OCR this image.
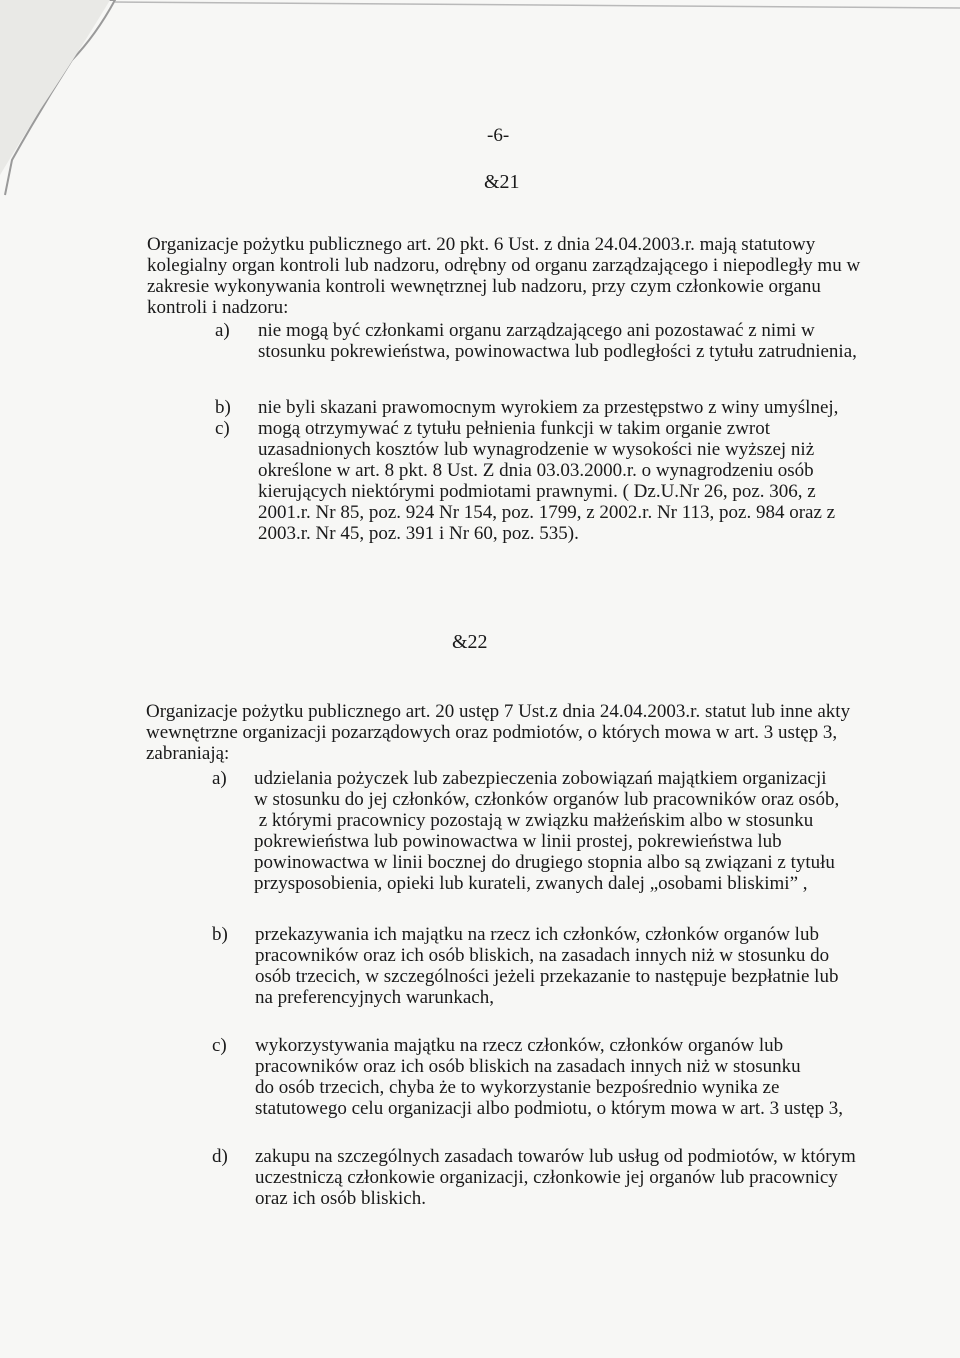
-6-
&21
Organizacje pożytku publicznego art. 20 pkt. 6 Ust. z dnia 24.04.2003.r. mają statutowy
kolegialny organ kontroli lub nadzoru, odrębny od organu zarządzającego i niepodległy mu w
zakresie wykonywania kontroli wewnętrznej lub nadzoru, przy czym członkowie organu
kontroli i nadzoru:
a) nie mogą być członkami organu zarządzającego ani pozostawać z nimi w
stosunku pokrewieństwa, powinowactwa lub podległości z tytułu zatrudnienia,
b) nie byli skazani prawomocnym wyrokiem za przestępstwo z winy umyślnej,
c) mogą otrzymywać z tytułu pełnienia funkcji w takim organie zwrot
uzasadnionych kosztów lub wynagrodzenie w wysokości nie wyższej niż
określone w art. 8 pkt. 8 Ust. Z dnia 03.03.2000.r. o wynagrodzeniu osób
kierujących niektórymi podmiotami prawnymi. ( Dz.U.Nr 26, poz. 306, z
2001.r. Nr 85, poz. 924 Nr 154, poz. 1799, z 2002.r. Nr 113, poz. 984 oraz z
2003.r. Nr 45, poz. 391 i Nr 60, poz. 535).
&22
Organizacje pożytku publicznego art. 20 ustęp 7 Ust.z dnia 24.04.2003.r. statut lub inne akty
wewnętrzne organizacji pozarządowych oraz podmiotów, o których mowa w art. 3 ustęp 3,
zabraniają:
a) udzielania pożyczek lub zabezpieczenia zobowiązań majątkiem organizacji
w stosunku do jej członków, członków organów lub pracowników oraz osób,
z którymi pracownicy pozostają w związku małżeńskim albo w stosunku
pokrewieństwa lub powinowactwa w linii prostej, pokrewieństwa lub
powinowactwa w linii bocznej do drugiego stopnia albo są związani z tytułu
przysposobienia, opieki lub kurateli, zwanych dalej „osobami bliskimi” ,
b) przekazywania ich majątku na rzecz ich członków, członków organów lub
pracowników oraz ich osób bliskich, na zasadach innych niż w stosunku do
osób trzecich, w szczególności jeżeli przekazanie to następuje bezpłatnie lub
na preferencyjnych warunkach,
c) wykorzystywania majątku na rzecz członków, członków organów lub
pracowników oraz ich osób bliskich na zasadach innych niż w stosunku
do osób trzecich, chyba że to wykorzystanie bezpośrednio wynika ze
statutowego celu organizacji albo podmiotu, o którym mowa w art. 3 ustęp 3,
d) zakupu na szczególnych zasadach towarów lub usług od podmiotów, w którym
uczestniczą członkowie organizacji, członkowie jej organów lub pracownicy
oraz ich osób bliskich.
